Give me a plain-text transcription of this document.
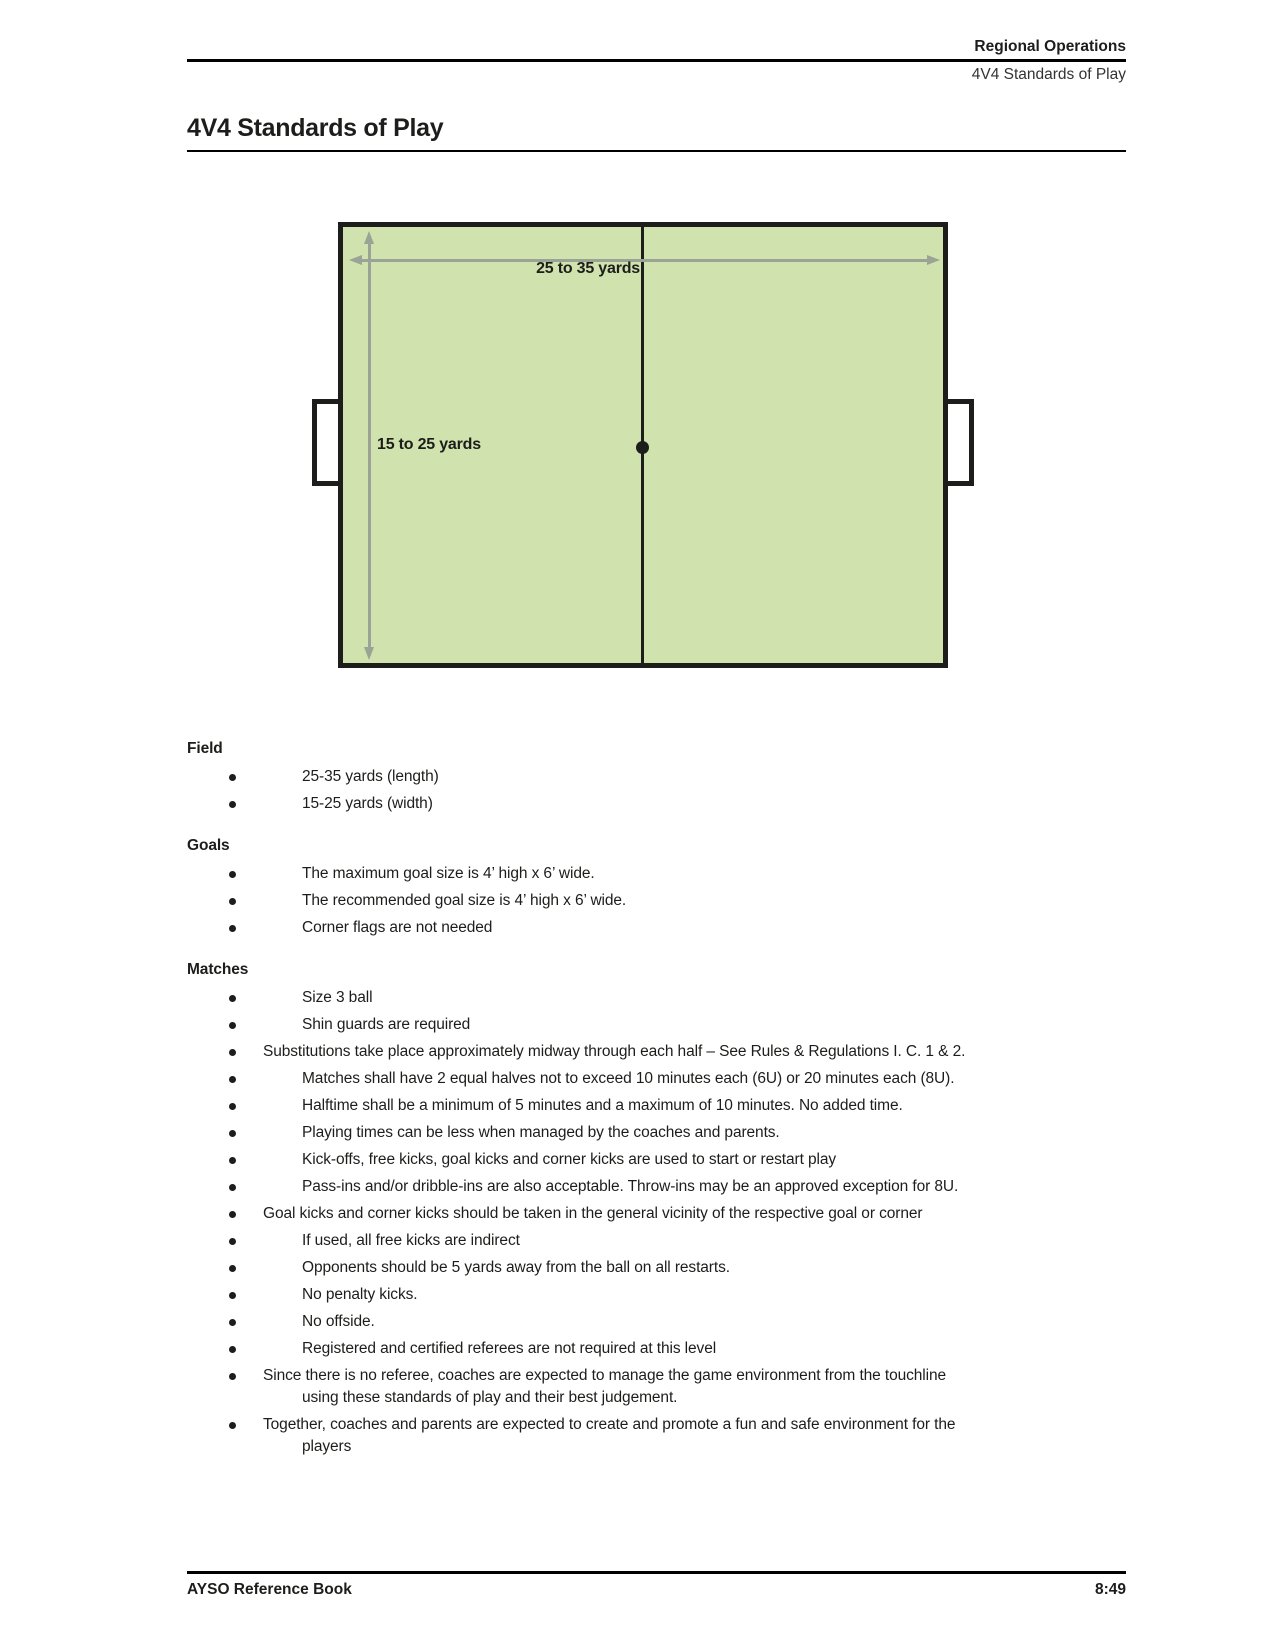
Regional Operations
4V4 Standards of Play
4V4 Standards of Play
25 to 35 yards
15 to 25 yards
Field
25-35 yards (length)
15-25 yards (width)
Goals
The maximum goal size is 4’ high x 6’ wide.
The recommended goal size is 4’ high x 6’ wide.
Corner flags are not needed
Matches
Size 3 ball
Shin guards are required
Substitutions take place approximately midway through each half – See Rules & Regulations I. C. 1 & 2.
Matches shall have 2 equal halves not to exceed 10 minutes each (6U) or 20 minutes each (8U).
Halftime shall be a minimum of 5 minutes and a maximum of 10 minutes. No added time.
Playing times can be less when managed by the coaches and parents.
Kick-offs, free kicks, goal kicks and corner kicks are used to start or restart play
Pass-ins and/or dribble-ins are also acceptable. Throw-ins may be an approved exception for 8U.
Goal kicks and corner kicks should be taken in the general vicinity of the respective goal or corner
If used, all free kicks are indirect
Opponents should be 5 yards away from the ball on all restarts.
No penalty kicks.
No offside.
Registered and certified referees are not required at this level
Since there is no referee, coaches are expected to manage the game environment from the touchline
using these standards of play and their best judgement.
Together, coaches and parents are expected to create and promote a fun and safe environment for the
players
AYSO Reference Book	8:49
